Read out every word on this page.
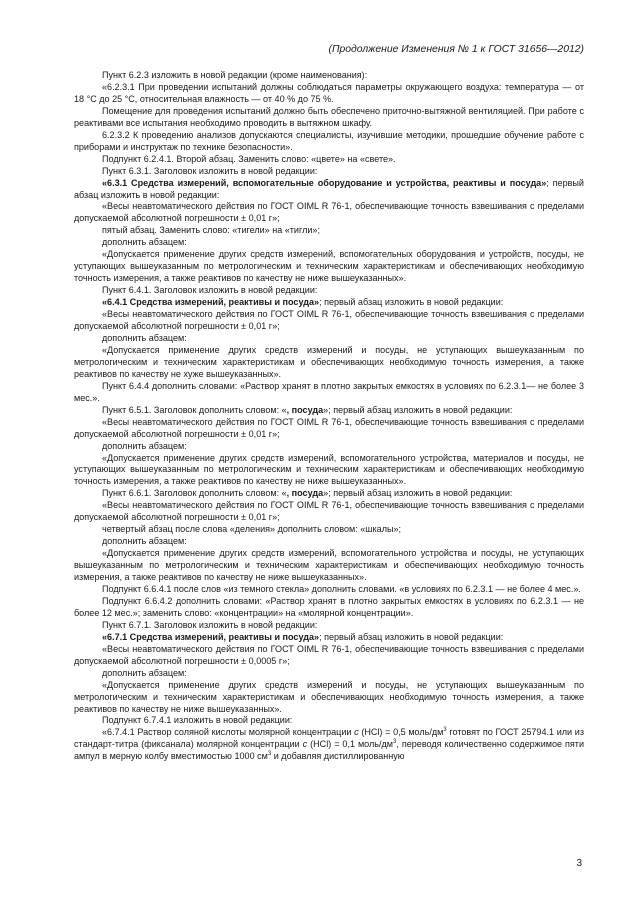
(Продолжение Изменения № 1 к ГОСТ 31656—2012)

Пункт 6.2.3 изложить в новой редакции (кроме наименования):

«6.2.3.1 При проведении испытаний должны соблюдаться параметры окружающего воздуха: температура — от 18 °С до 25 °С, относительная влажность — от 40 % до 75 %.

Помещение для проведения испытаний должно быть обеспечено приточно-вытяжной вентиляцией. При работе с реактивами все испытания необходимо проводить в вытяжном шкафу.

6.2.3.2 К проведению анализов допускаются специалисты, изучившие методики, прошедшие обучение работе с приборами и инструктаж по технике безопасности».

Подпункт 6.2.4.1. Второй абзац. Заменить слово: «цвете» на «свете».

Пункт 6.3.1. Заголовок изложить в новой редакции:

«6.3.1 Средства измерений, вспомогательные оборудование и устройства, реактивы и посуда»; первый абзац изложить в новой редакции:

«Весы неавтоматического действия по ГОСТ OIML R 76-1, обеспечивающие точность взвешивания с пределами допускаемой абсолютной погрешности ± 0,01 г»;

пятый абзац. Заменить слово: «тигели» на «тигли»;

дополнить абзацем:

«Допускается применение других средств измерений, вспомогательных оборудования и устройств, посуды, не уступающих вышеуказанным по метрологическим и техническим характеристикам и обеспечивающих необходимую точность измерения, а также реактивов по качеству не ниже вышеуказанных».

Пункт 6.4.1. Заголовок изложить в новой редакции:

«6.4.1 Средства измерений, реактивы и посуда»; первый абзац изложить в новой редакции:

«Весы неавтоматического действия по ГОСТ OIML R 76-1, обеспечивающие точность взвешивания с пределами допускаемой абсолютной погрешности ± 0,01 г»;

дополнить абзацем:

«Допускается применение других средств измерений и посуды, не уступающих вышеуказанным по метрологическим и техническим характеристикам и обеспечивающих необходимую точность измерения, а также реактивов по качеству не хуже вышеуказанных».

Пункт 6.4.4 дополнить словами: «Раствор хранят в плотно закрытых емкостях в условиях по 6.2.3.1— не более 3 мес.».

Пункт 6.5.1. Заголовок дополнить словом: «, посуда»; первый абзац изложить в новой редакции:

«Весы неавтоматического действия по ГОСТ OIML R 76-1, обеспечивающие точность взвешивания с пределами допускаемой абсолютной погрешности ± 0,01 г»;

дополнить абзацем:

«Допускается применение других средств измерений, вспомогательного устройства, материалов и посуды, не уступающих вышеуказанным по метрологическим и техническим характеристикам и обеспечивающих необходимую точность измерения, а также реактивов по качеству не ниже вышеуказанных».

Пункт 6.6.1. Заголовок дополнить словом: «, посуда»; первый абзац изложить в новой редакции:

«Весы неавтоматического действия по ГОСТ OIML R 76-1, обеспечивающие точность взвешивания с пределами допускаемой абсолютной погрешности ± 0,01 г»;

четвертый абзац после слова «деления» дополнить словом: «шкалы»;

дополнить абзацем:

«Допускается применение других средств измерений, вспомогательного устройства и посуды, не уступающих вышеуказанным по метрологическим и техническим характеристикам и обеспечивающих необходимую точность измерения, а также реактивов по качеству не ниже вышеуказанных».

Подпункт 6.6.4.1 после слов «из темного стекла» дополнить словами. «в условиях по 6.2.3.1 — не более 4 мес.».

Подпункт 6.6.4.2 дополнить словами: «Раствор хранят в плотно закрытых емкостях в условиях по 6.2.3.1 — не более 12 мес.»; заменить слово: «концентрации» на «молярной концентрации».

Пункт 6.7.1. Заголовок изложить в новой редакции:

«6.7.1 Средства измерений, реактивы и посуда»; первый абзац изложить в новой редакции:

«Весы неавтоматического действия по ГОСТ OIML R 76-1, обеспечивающие точность взвешивания с пределами допускаемой абсолютной погрешности ± 0,0005 г»;

дополнить абзацем:

«Допускается применение других средств измерений и посуды, не уступающих вышеуказанным по метрологическим и техническим характеристикам и обеспечивающих необходимую точность измерения, а также реактивов по качеству не ниже вышеуказанных».

Подпункт 6.7.4.1 изложить в новой редакции:

«6.7.4.1 Раствор соляной кислоты молярной концентрации c (HCl) = 0,5 моль/$дм^3$ готовят по ГОСТ 25794.1 или из стандарт-титра (фиксанала) молярной концентрации c (HCl) = 0,1 моль/$дм^3$, переводя количественно содержимое пяти ампул в мерную колбу вместимостью 1000 $см^3$ и добавляя дистиллированную

3
